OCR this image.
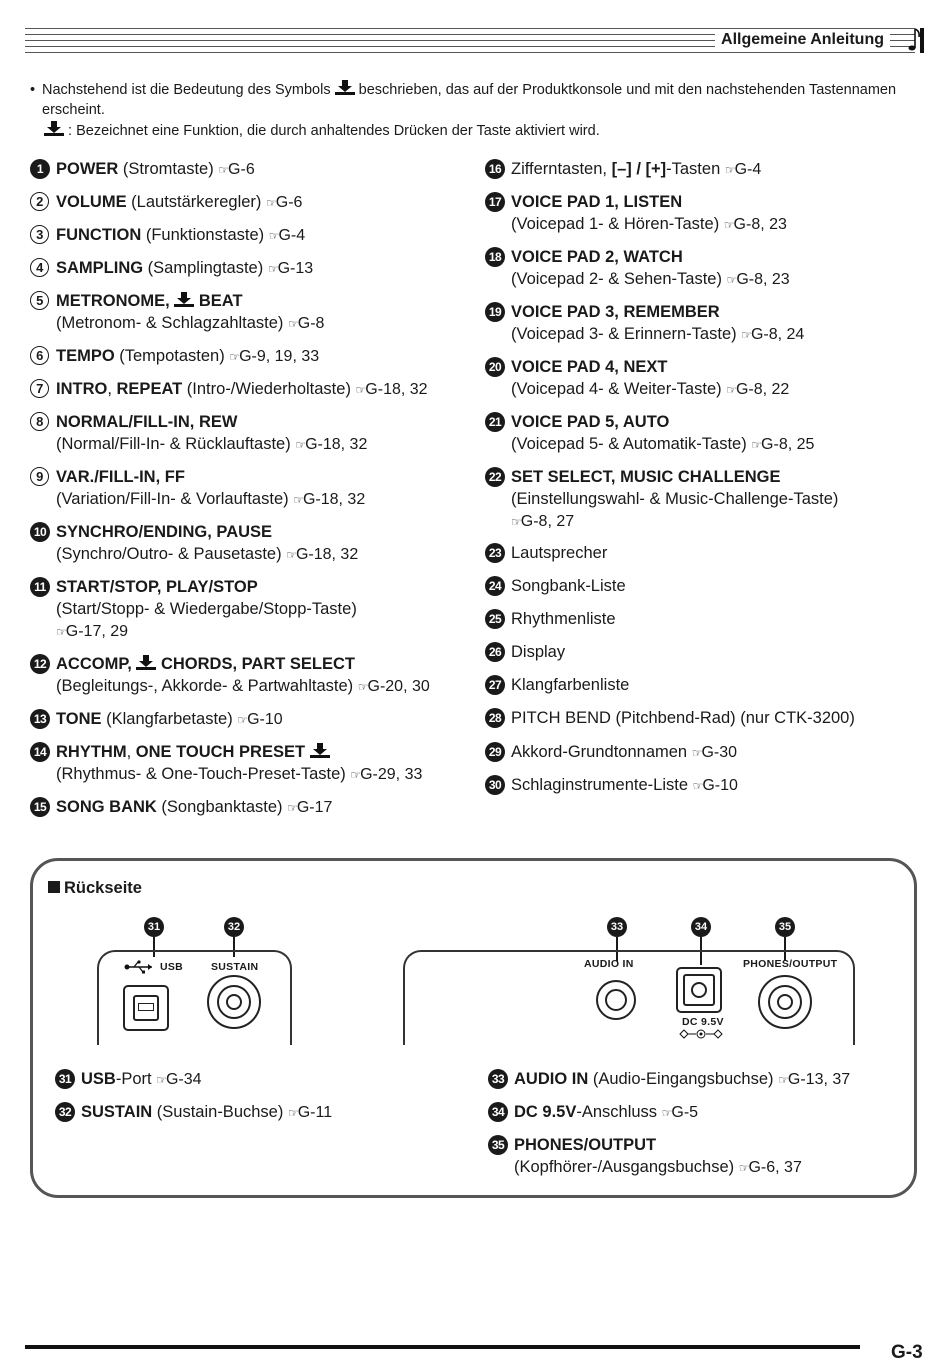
Allgemeine Anleitung
• Nachstehend ist die Bedeutung des Symbols beschrieben, das auf der Produktkonsole und mit den nachstehenden Tastennamen erscheint.
: Bezeichnet eine Funktion, die durch anhaltendes Drücken der Taste aktiviert wird.
1 POWER (Stromtaste) ☞G-6
2 VOLUME (Lautstärkeregler) ☞G-6
3 FUNCTION (Funktionstaste) ☞G-4
4 SAMPLING (Samplingtaste) ☞G-13
5 METRONOME,  BEAT
(Metronom- & Schlagzahltaste) ☞G-8
6 TEMPO (Tempotasten) ☞G-9, 19, 33
7 INTRO, REPEAT (Intro-/Wiederholtaste) ☞G-18, 32
8 NORMAL/FILL-IN, REW
(Normal/Fill-In- & Rücklauftaste) ☞G-18, 32
9 VAR./FILL-IN, FF
(Variation/Fill-In- & Vorlauftaste) ☞G-18, 32
10 SYNCHRO/ENDING, PAUSE
(Synchro/Outro- & Pausetaste) ☞G-18, 32
11 START/STOP, PLAY/STOP
(Start/Stopp- & Wiedergabe/Stopp-Taste)
☞G-17, 29
12 ACCOMP,  CHORDS, PART SELECT
(Begleitungs-, Akkorde- & Partwahltaste) ☞G-20, 30
13 TONE (Klangfarbetaste) ☞G-10
14 RHYTHM, ONE TOUCH PRESET
(Rhythmus- & One-Touch-Preset-Taste) ☞G-29, 33
15 SONG BANK (Songbanktaste) ☞G-17
16 Zifferntasten, [–] / [+]-Tasten ☞G-4
17 VOICE PAD 1, LISTEN
(Voicepad 1- & Hören-Taste) ☞G-8, 23
18 VOICE PAD 2, WATCH
(Voicepad 2- & Sehen-Taste) ☞G-8, 23
19 VOICE PAD 3, REMEMBER
(Voicepad 3- & Erinnern-Taste) ☞G-8, 24
20 VOICE PAD 4, NEXT
(Voicepad 4- & Weiter-Taste) ☞G-8, 22
21 VOICE PAD 5, AUTO
(Voicepad 5- & Automatik-Taste) ☞G-8, 25
22 SET SELECT, MUSIC CHALLENGE
(Einstellungswahl- & Music-Challenge-Taste)
☞G-8, 27
23 Lautsprecher
24 Songbank-Liste
25 Rhythmenliste
26 Display
27 Klangfarbenliste
28 PITCH BEND (Pitchbend-Rad) (nur CTK-3200)
29 Akkord-Grundtonnamen ☞G-30
30 Schlaginstrumente-Liste ☞G-10
Rückseite
31	32	33	34	35
USB	SUSTAIN	AUDIO IN	PHONES/OUTPUT
DC 9.5V
31 USB-Port ☞G-34
32 SUSTAIN (Sustain-Buchse) ☞G-11
33 AUDIO IN (Audio-Eingangsbuchse) ☞G-13, 37
34 DC 9.5V-Anschluss ☞G-5
35 PHONES/OUTPUT
(Kopfhörer-/Ausgangsbuchse) ☞G-6, 37
G-3
